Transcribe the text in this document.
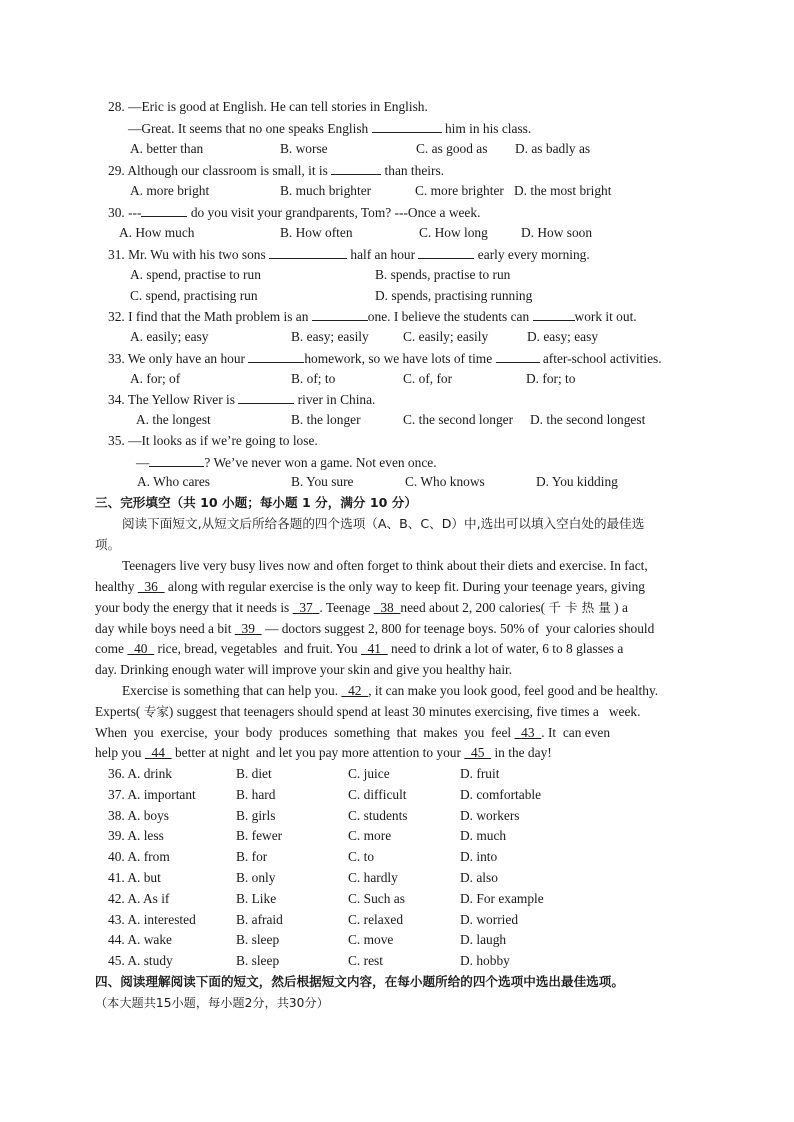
28. —Eric is good at English. He can tell stories in English.
—Great. It seems that no one speaks English	him in his class.
A. better than	B. worse	C. as good as D. as badly as
29. Although our classroom is small, it is	than theirs.
A. more bright	B. much brighter	C. more brighter D. the most bright
30. ---	do you visit your grandparents, Tom? ---Once a week.
A. How much	B. How often	C. How long D. How soon
31. Mr. Wu with his two sons	half an hour	early every morning.
A. spend, practise to run	B. spends, practise to run
C. spend, practising run	D. spends, practising running
32. I find that the Math problem is an	one. I believe the students can	work it out.
A. easily; easy	B. easy; easily	C. easily; easily	D. easy; easy
33. We only have an hour	homework, so we have lots of time	after-school activities.
A. for; of	B. of; to	C. of, for	D. for; to
34. The Yellow River is	river in China.
A. the longest	B. the longer	C. the second longer D. the second longest
35. —It looks as if we’re going to lose.
—	? We’ve never won a game. Not even once.
A. Who cares	B. You sure	C. Who knows	D. You kidding
三、完形填空（共 10 小题；每小题 1 分，满分 10 分）
阅读下面短文,从短文后所给各题的四个选项（A、B、C、D）中,选出可以填入空白处的最佳选
项。
Teenagers live very busy lives now and often forget to think about their diets and exercise. In fact,
healthy   36   along with regular exercise is the only way to keep fit. During your teenage years, giving
your body the energy that it needs is   37 . Teenage   38 need about 2, 200 calories( 千 卡 热 量 ) a
day while boys need a bit   39   — doctors suggest 2, 800 for teenage boys. 50% of  your calories should
come   40   rice, bread, vegetables  and fruit. You   41   need to drink a lot of water, 6 to 8 glasses a
day. Drinking enough water will improve your skin and give you healthy hair.
Exercise is something that can help you.   42 , it can make you look good, feel good and be healthy.
Experts( 专家) suggest that teenagers should spend at least 30 minutes exercising, five times a   week.
When  you  exercise,  your  body  produces  something  that  makes  you  feel   43 . It  can even
help you   44   better at night  and let you pay more attention to your   45   in the day!
36. A. drink	B. diet	C. juice	D. fruit
37. A. important	B. hard	C. difficult	D. comfortable
38. A. boys	B. girls	C. students	D. workers
39. A. less	B. fewer	C. more	D. much
40. A. from	B. for	C. to	D. into
41. A. but	B. only	C. hardly	D. also
42. A. As if	B. Like	C. Such as	D. For example
43. A. interested	B. afraid	C. relaxed	D. worried
44. A. wake	B. sleep	C. move	D. laugh
45. A. study	B. sleep	C. rest	D. hobby
四、阅读理解阅读下面的短文，然后根据短文内容，在每小题所给的四个选项中选出最佳选项。
（本大题共15小题，每小题2分，共30分）
